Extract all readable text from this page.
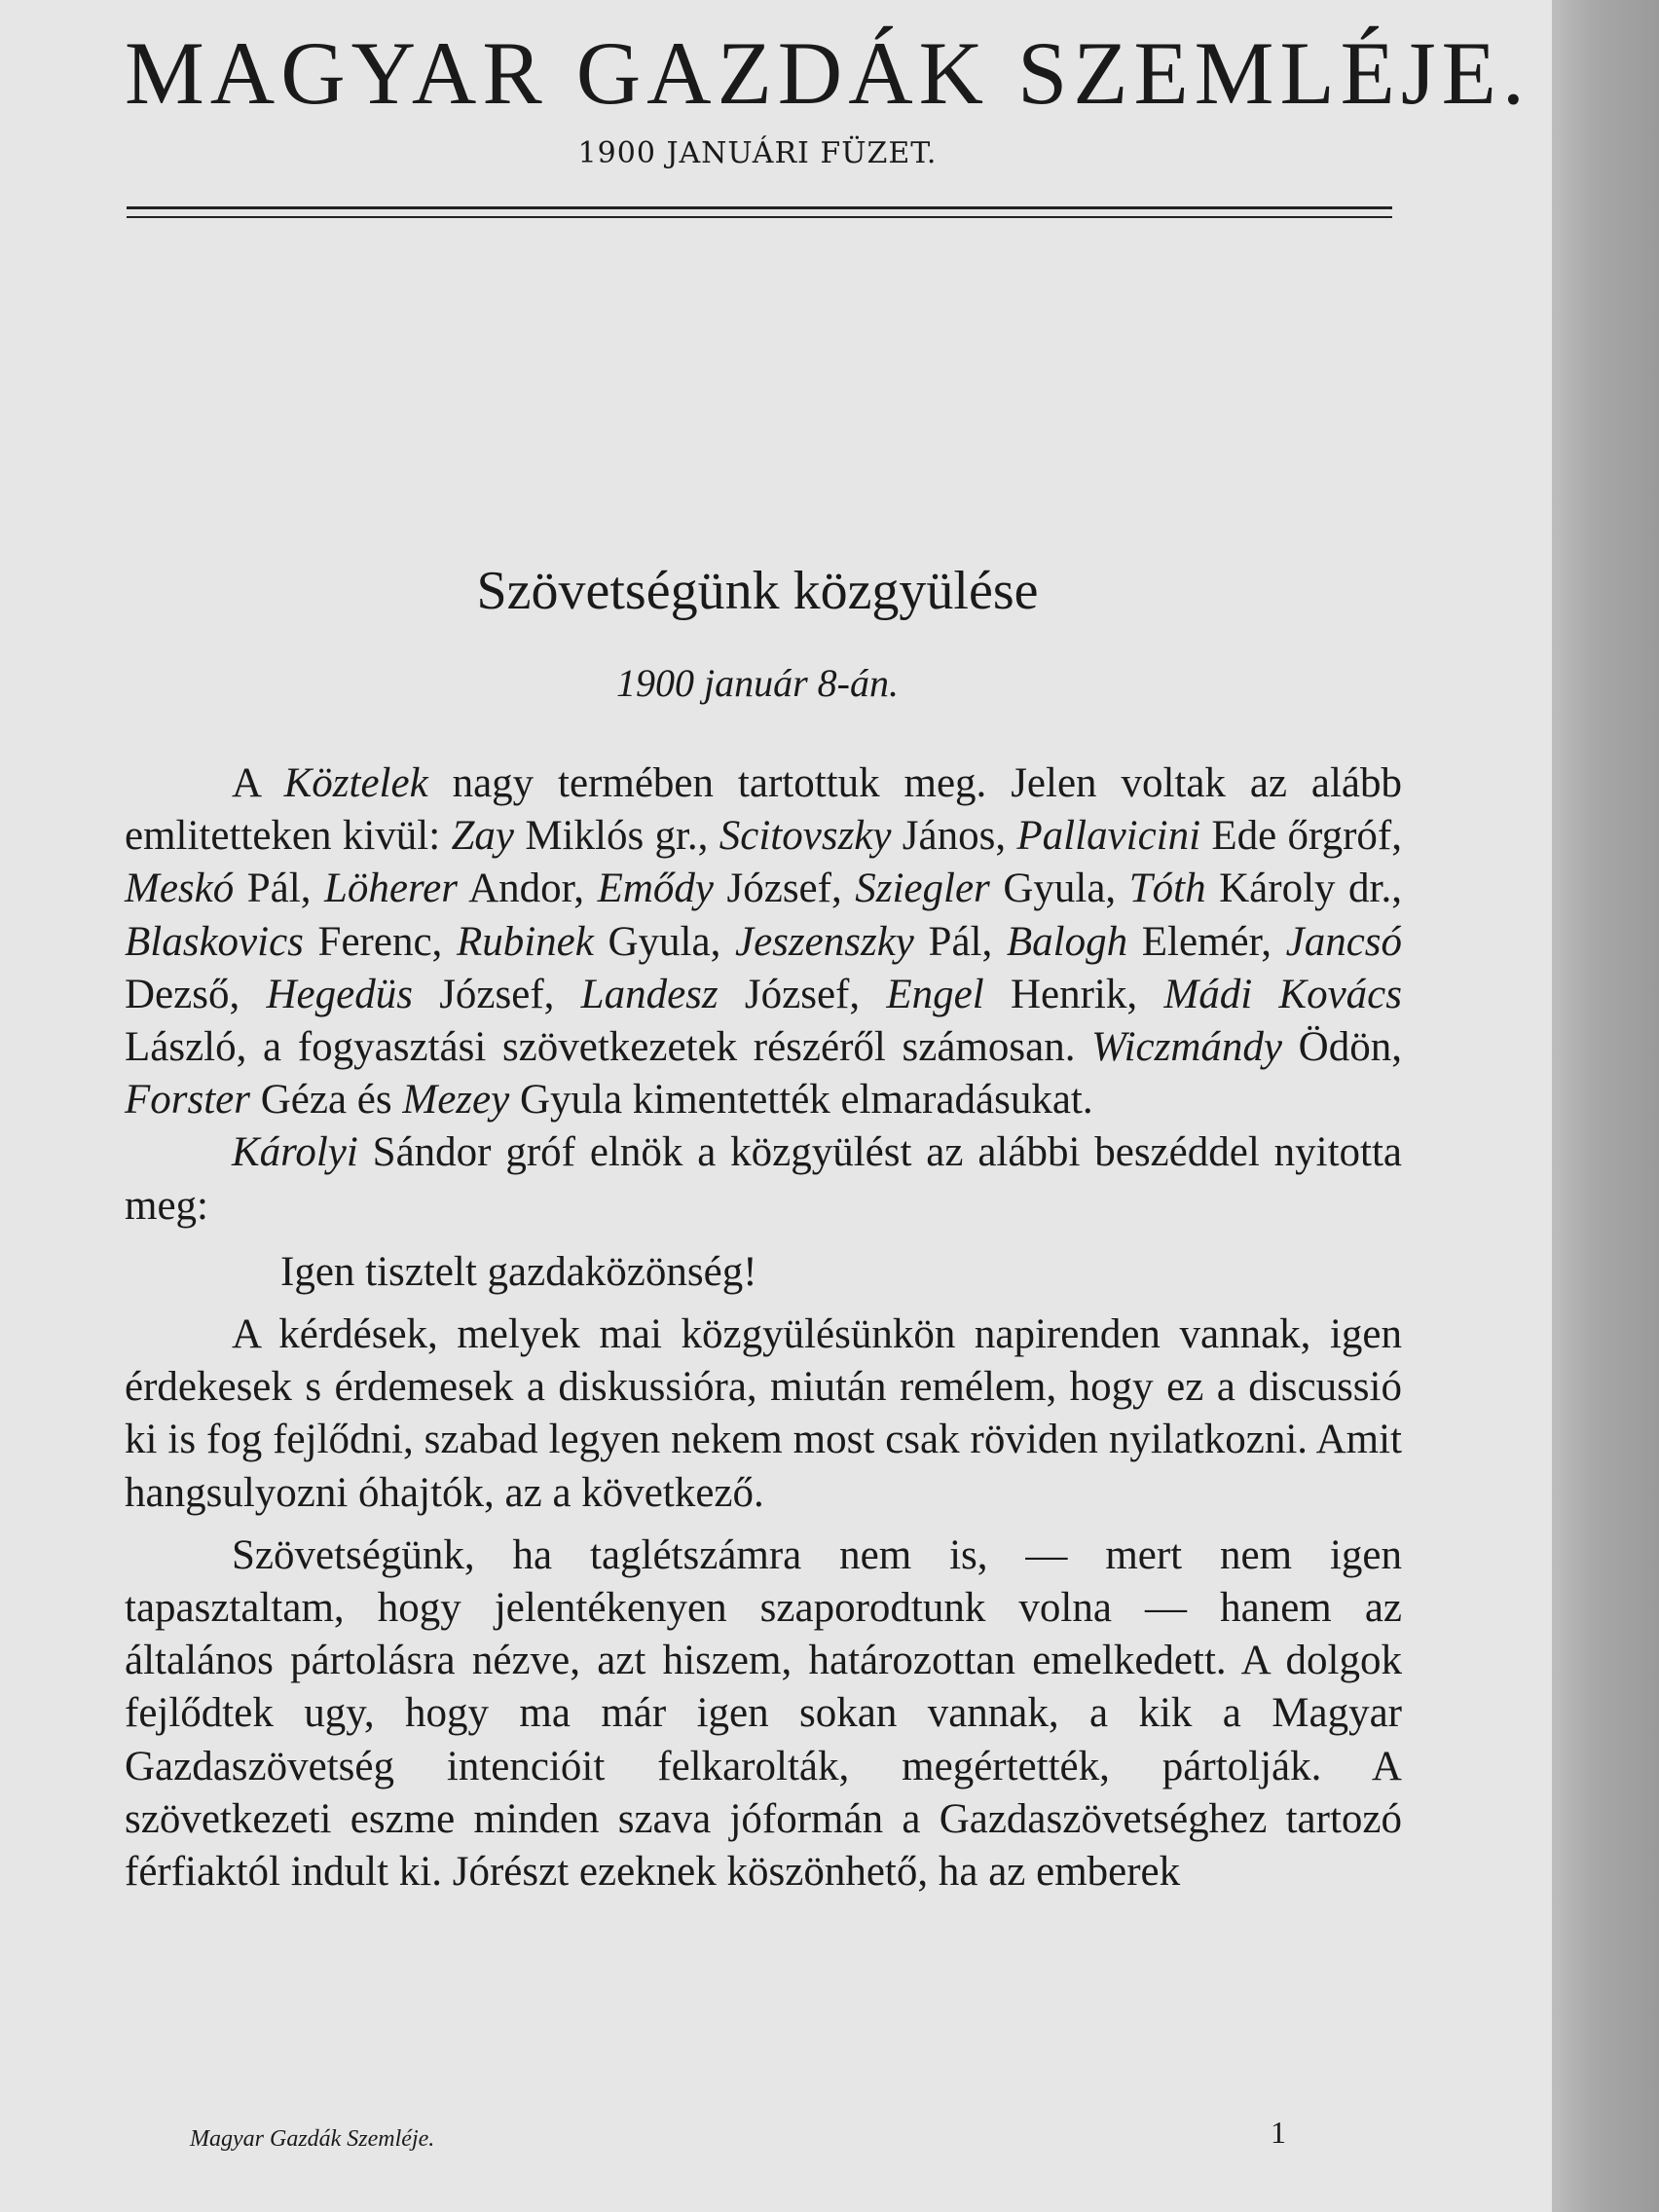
MAGYAR GAZDÁK SZEMLÉJE.
1900 JANUÁRI FÜZET.
Szövetségünk közgyülése
1900 január 8-án.

A Köztelek nagy termében tartottuk meg. Jelen voltak az alább emlitetteken kivül: Zay Miklós gr., Scitovszky János, Pallavicini Ede őrgróf, Meskó Pál, Löherer Andor, Emődy József, Sziegler Gyula, Tóth Károly dr., Blaskovics Ferenc, Rubinek Gyula, Jeszenszky Pál, Balogh Elemér, Jancsó Dezső, Hegedüs József, Landesz József, Engel Henrik, Mádi Kovács László, a fogyasztási szövetkezetek részéről számosan. Wiczmándy Ödön, Forster Géza és Mezey Gyula kimentették elmaradásukat.

Károlyi Sándor gróf elnök a közgyülést az alábbi beszéddel nyitotta meg:

Igen tisztelt gazdaközönség!

A kérdések, melyek mai közgyülésünkön napirenden vannak, igen érdekesek s érdemesek a diskussióra, miután remélem, hogy ez a discussió ki is fog fejlődni, szabad legyen nekem most csak röviden nyilatkozni. Amit hangsulyozni óhajtók, az a következő.

Szövetségünk, ha taglétszámra nem is, — mert nem igen tapasztaltam, hogy jelentékenyen szaporodtunk volna — hanem az általános pártolásra nézve, azt hiszem, határozottan emelkedett. A dolgok fejlődtek ugy, hogy ma már igen sokan vannak, a kik a Magyar Gazdaszövetség intencióit felkarolták, megértették, pártolják. A szövetkezeti eszme minden szava jóformán a Gazdaszövetséghez tartozó férfiaktól indult ki. Jórészt ezeknek köszönhető, ha az emberek

Magyar Gazdák Szemléje.	1
